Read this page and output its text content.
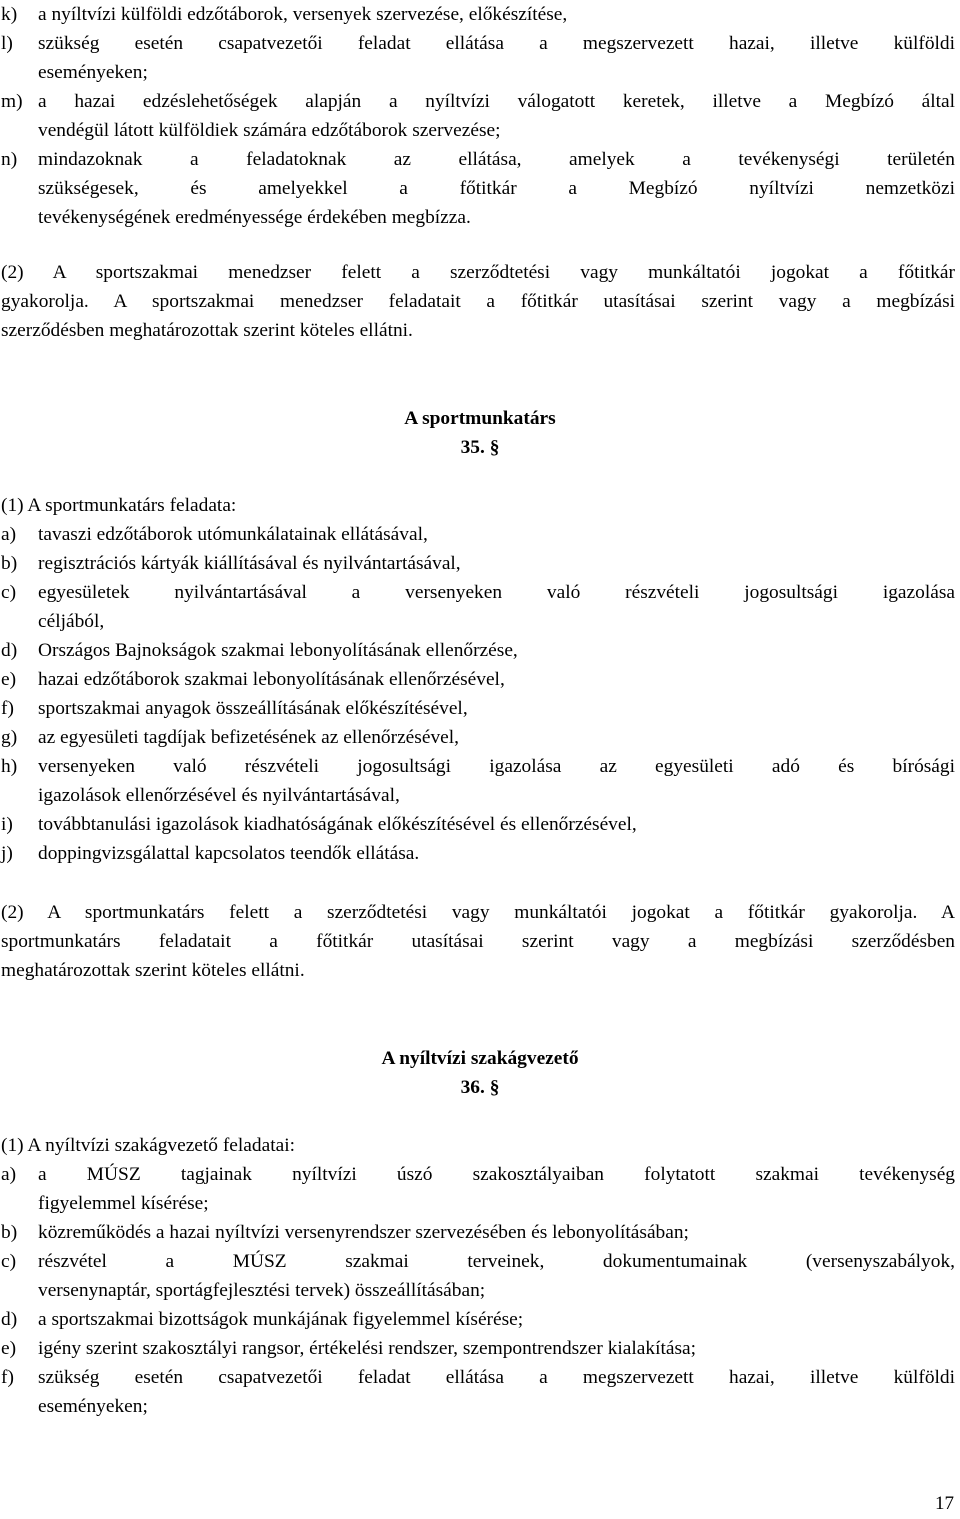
k)	a nyíltvízi külföldi edzőtáborok, versenyek szervezése, előkészítése,
l)	szükség esetén csapatvezetői feladat ellátása a megszervezett hazai, illetve külföldi
eseményeken;
m) a hazai edzéslehetőségek alapján a nyíltvízi válogatott keretek, illetve a Megbízó által
vendégül látott külföldiek számára edzőtáborok szervezése;
n)	mindazoknak a feladatoknak az ellátása, amelyek a tevékenységi területén
szükségesek, és amelyekkel a főtitkár a Megbízó nyíltvízi nemzetközi
tevékenységének eredményessége érdekében megbízza.
(2) A sportszakmai menedzser felett a szerződtetési vagy munkáltatói jogokat a főtitkár
gyakorolja. A sportszakmai menedzser feladatait a főtitkár utasításai szerint vagy a megbízási
szerződésben meghatározottak szerint köteles ellátni.
A sportmunkatárs
35. §
(1) A sportmunkatárs feladata:
a)	tavaszi edzőtáborok utómunkálatainak ellátásával,
b)	regisztrációs kártyák kiállításával és nyilvántartásával,
c)	egyesületek nyilvántartásával a versenyeken való részvételi jogosultsági igazolása
céljából,
d)	Országos Bajnokságok szakmai lebonyolításának ellenőrzése,
e)	hazai edzőtáborok szakmai lebonyolításának ellenőrzésével,
f)	sportszakmai anyagok összeállításának előkészítésével,
g)	az egyesületi tagdíjak befizetésének az ellenőrzésével,
h)	versenyeken való részvételi jogosultsági igazolása az egyesületi adó és bírósági
igazolások ellenőrzésével és nyilvántartásával,
i)	továbbtanulási igazolások kiadhatóságának előkészítésével és ellenőrzésével,
j)	doppingvizsgálattal kapcsolatos teendők ellátása.
(2) A sportmunkatárs felett a szerződtetési vagy munkáltatói jogokat a főtitkár gyakorolja. A
sportmunkatárs feladatait a főtitkár utasításai szerint vagy a megbízási szerződésben
meghatározottak szerint köteles ellátni.
A nyíltvízi szakágvezető
36. §
(1) A nyíltvízi szakágvezető feladatai:
a)	a MÚSZ tagjainak nyíltvízi úszó szakosztályaiban folytatott szakmai tevékenység
figyelemmel kísérése;
b)	közreműködés a hazai nyíltvízi versenyrendszer szervezésében és lebonyolításában;
c)	részvétel a MÚSZ szakmai terveinek, dokumentumainak (versenyszabályok,
versenynaptár, sportágfejlesztési tervek) összeállításában;
d)	a sportszakmai bizottságok munkájának figyelemmel kísérése;
e)	igény szerint szakosztályi rangsor, értékelési rendszer, szempontrendszer kialakítása;
f)	szükség esetén csapatvezetői feladat ellátása a megszervezett hazai, illetve külföldi
eseményeken;
17
